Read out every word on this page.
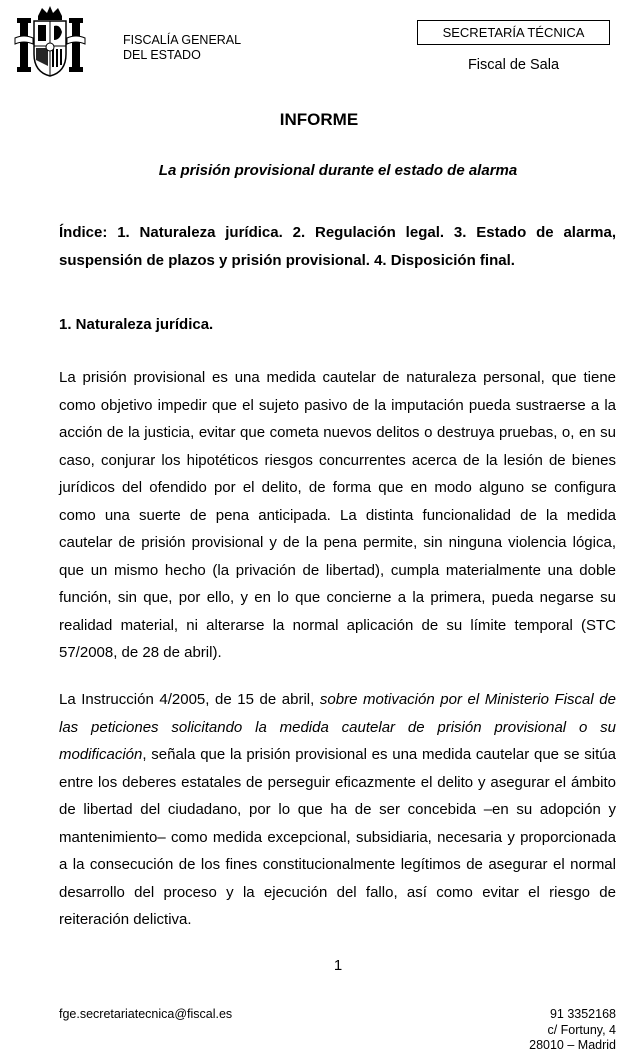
FISCALÍA GENERAL
DEL ESTADO
SECRETARÍA TÉCNICA
Fiscal de Sala
INFORME
La prisión provisional durante el estado de alarma
Índice: 1. Naturaleza jurídica. 2. Regulación legal. 3. Estado de alarma, suspensión de plazos y prisión provisional. 4. Disposición final.
1. Naturaleza jurídica.
La prisión provisional es una medida cautelar de naturaleza personal, que tiene como objetivo impedir que el sujeto pasivo de la imputación pueda sustraerse a la acción de la justicia, evitar que cometa nuevos delitos o destruya pruebas, o, en su caso, conjurar los hipotéticos riesgos concurrentes acerca de la lesión de bienes jurídicos del ofendido por el delito, de forma que en modo alguno se configura como una suerte de pena anticipada. La distinta funcionalidad de la medida cautelar de prisión provisional y de la pena permite, sin ninguna violencia lógica, que un mismo hecho (la privación de libertad), cumpla materialmente una doble función, sin que, por ello, y en lo que concierne a la primera, pueda negarse su realidad material, ni alterarse la normal aplicación de su límite temporal (STC 57/2008, de 28 de abril).
La Instrucción 4/2005, de 15 de abril, sobre motivación por el Ministerio Fiscal de las peticiones solicitando la medida cautelar de prisión provisional o su modificación, señala que la prisión provisional es una medida cautelar que se sitúa entre los deberes estatales de perseguir eficazmente el delito y asegurar el ámbito de libertad del ciudadano, por lo que ha de ser concebida –en su adopción y mantenimiento– como medida excepcional, subsidiaria, necesaria y proporcionada a la consecución de los fines constitucionalmente legítimos de asegurar el normal desarrollo del proceso y la ejecución del fallo, así como evitar el riesgo de reiteración delictiva.
1
fge.secretariatecnica@fiscal.es	91 3352168
c/ Fortuny, 4
28010 – Madrid
